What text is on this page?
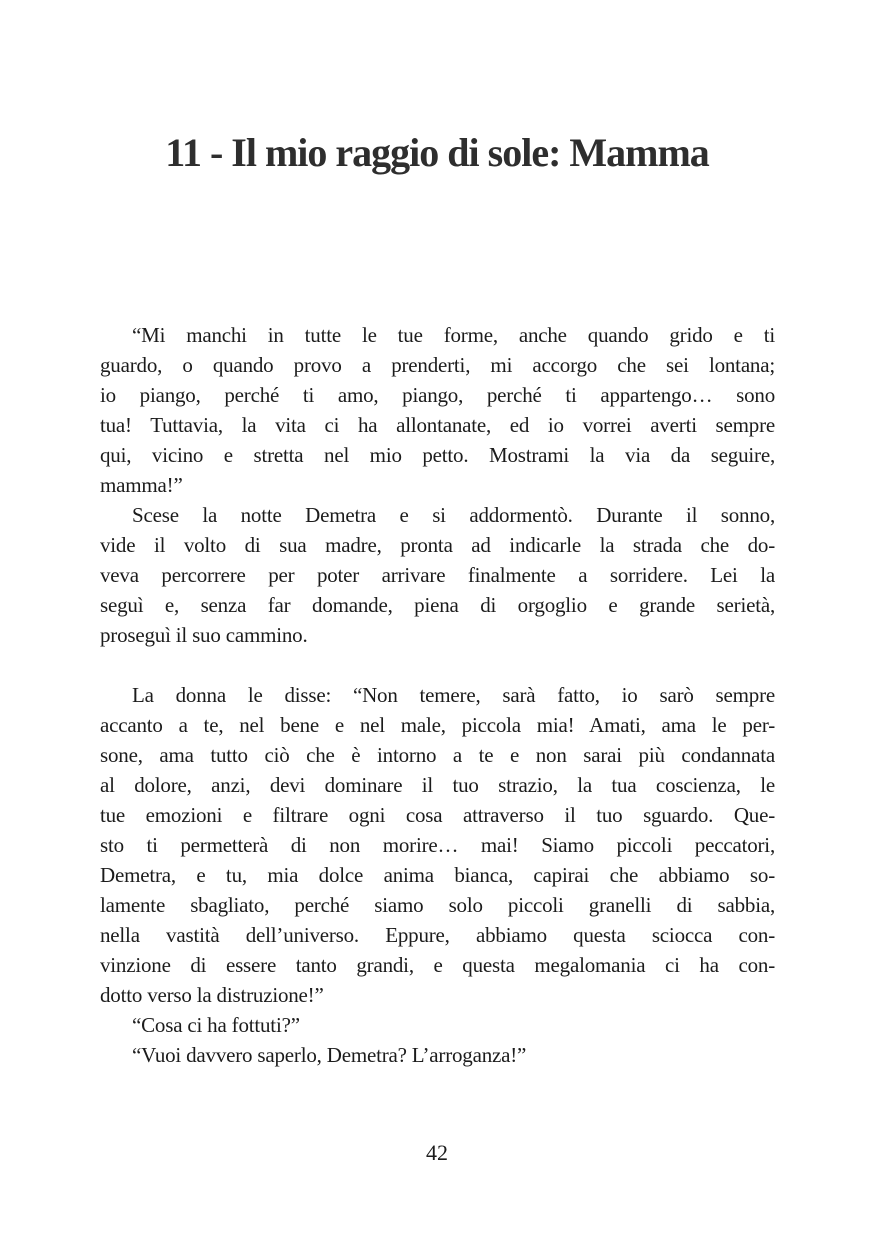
11 - Il mio raggio di sole: Mamma
“Mi manchi in tutte le tue forme, anche quando grido e ti
guardo, o quando provo a prenderti, mi accorgo che sei lontana;
io piango, perché ti amo, piango, perché ti appartengo… sono
tua! Tuttavia, la vita ci ha allontanate, ed io vorrei averti sempre
qui, vicino e stretta nel mio petto. Mostrami la via da seguire,
mamma!”
Scese la notte Demetra e si addormentò. Durante il sonno,
vide il volto di sua madre, pronta ad indicarle la strada che do-
veva percorrere per poter arrivare finalmente a sorridere. Lei la
seguì e, senza far domande, piena di orgoglio e grande serietà,
proseguì il suo cammino.
La donna le disse: “Non temere, sarà fatto, io sarò sempre
accanto a te, nel bene e nel male, piccola mia! Amati, ama le per-
sone, ama tutto ciò che è intorno a te e non sarai più condannata
al dolore, anzi, devi dominare il tuo strazio, la tua coscienza, le
tue emozioni e filtrare ogni cosa attraverso il tuo sguardo. Que-
sto ti permetterà di non morire… mai! Siamo piccoli peccatori,
Demetra, e tu, mia dolce anima bianca, capirai che abbiamo so-
lamente sbagliato, perché siamo solo piccoli granelli di sabbia,
nella vastità dell’universo. Eppure, abbiamo questa sciocca con-
vinzione di essere tanto grandi, e questa megalomania ci ha con-
dotto verso la distruzione!”
“Cosa ci ha fottuti?”
“Vuoi davvero saperlo, Demetra? L’arroganza!”
42
